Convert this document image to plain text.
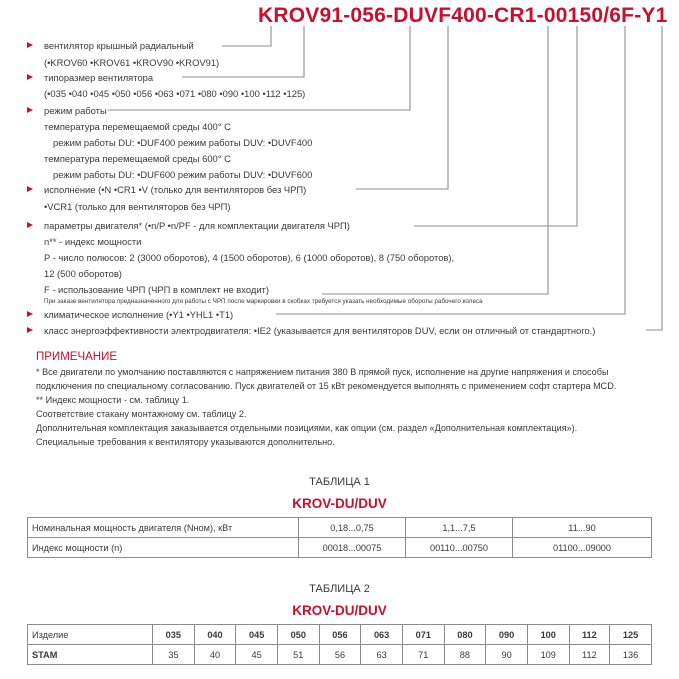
KROV91-056-DUVF400-CR1-00150/6F-Y1
вентилятор крышный радиальный
(•KROV60 •KROV61 •KROV90 •KROV91)
типоразмер вентилятора
(•035 •040 •045 •050 •056 •063 •071 •080 •090 •100 •112 •125)
режим работы
температура перемещаемой среды 400° С
режим работы DU: •DUF400 режим работы DUV: •DUVF400
температура перемещаемой среды 600° С
режим работы DU: •DUF600 режим работы DUV: •DUVF600
исполнение (•N •CR1 •V (только для вентиляторов без ЧРП)
•VCR1 (только для вентиляторов без ЧРП)
параметры двигателя* (•n/P •n/PF - для комплектации двигателя ЧРП)
n** - индекс мощности
P - число полюсов: 2 (3000 оборотов), 4 (1500 оборотов), 6 (1000 оборотов), 8 (750 оборотов),
12 (500 оборотов)
F - использование ЧРП (ЧРП в комплект не входит)
При заказе вентилятора предназначенного для работы с ЧРП после маркировки в скобках требуется указать необходимые обороты рабочего колеса
климатическое исполнение (•Y1 •YHL1 •T1)
класс энергоэффективности электродвигателя: •IE2 (указывается для вентиляторов DUV, если он отличный от стандартного.)
ПРИМЕЧАНИЕ
* Все двигатели по умолчанию поставляются с напряжением питания 380 В прямой пуск, исполнение на другие напряжения и способы
подключения по специальному согласованию. Пуск двигателей от 15 кВт рекомендуется выполнять с применением софт стартера MCD.
** Индекс мощности - см. таблицу 1.
Соответствие стакану монтажному см. таблицу 2.
Дополнительная комплектация заказывается отдельными позициями, как опции (см. раздел «Дополнительная комплектация»).
Специальные требования к вентилятору указываются дополнительно.
ТАБЛИЦА 1
KROV-DU/DUV
Номинальная мощность двигателя (Nном), кВт	0,18...0,75	1,1...7,5	11...90
Индекс мощности (n)	00018...00075	00110...00750	01100...09000
ТАБЛИЦА 2
KROV-DU/DUV
Изделие	035	040	045	050	056	063	071	080	090	100	112	125
STAM	35	40	45	51	56	63	71	88	90	109	112	136
